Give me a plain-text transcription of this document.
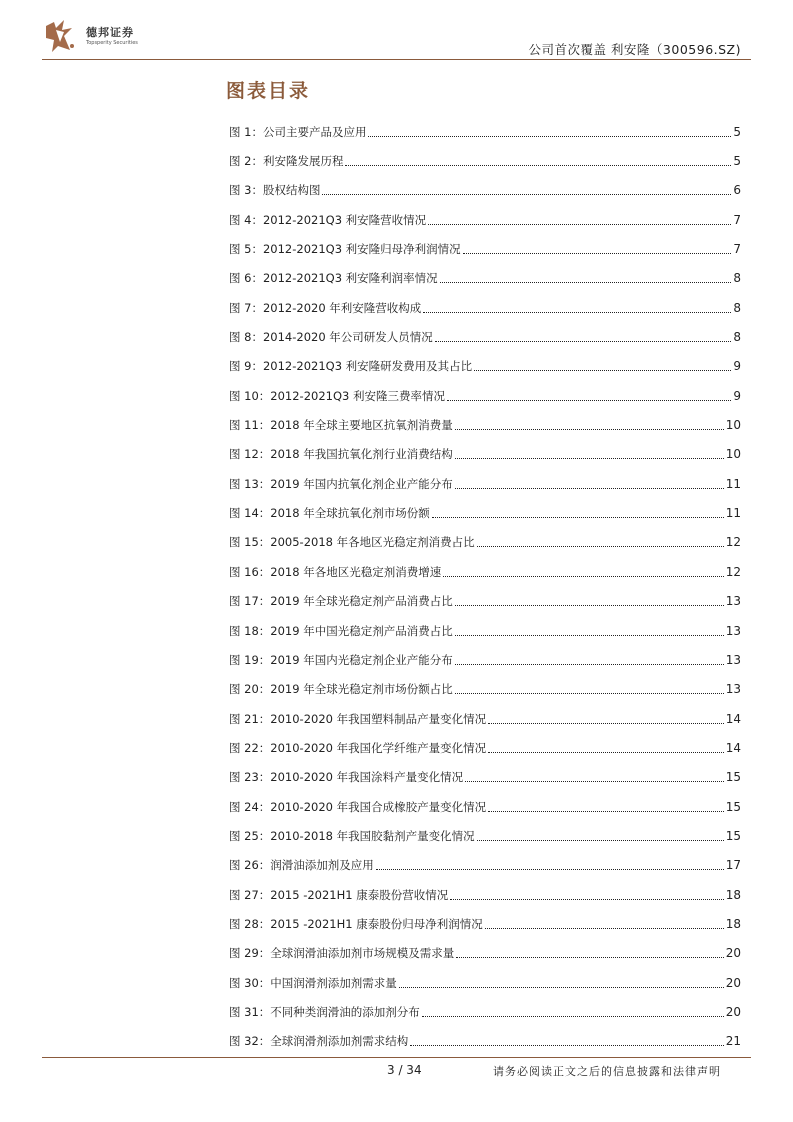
德邦证券
Topsperity Securities	公司首次覆盖 利安隆（300596.SZ)
图表目录
图 1：公司主要产品及应用	5
图 2：利安隆发展历程	5
图 3：股权结构图	6
图 4：2012-2021Q3 利安隆营收情况	7
图 5：2012-2021Q3 利安隆归母净利润情况	7
图 6：2012-2021Q3 利安隆利润率情况	8
图 7：2012-2020 年利安隆营收构成	8
图 8：2014-2020 年公司研发人员情况	8
图 9：2012-2021Q3 利安隆研发费用及其占比	9
图 10：2012-2021Q3 利安隆三费率情况	9
图 11：2018 年全球主要地区抗氧剂消费量	10
图 12：2018 年我国抗氧化剂行业消费结构	10
图 13：2019 年国内抗氧化剂企业产能分布	11
图 14：2018 年全球抗氧化剂市场份额	11
图 15：2005-2018 年各地区光稳定剂消费占比	12
图 16：2018 年各地区光稳定剂消费增速	12
图 17：2019 年全球光稳定剂产品消费占比	13
图 18：2019 年中国光稳定剂产品消费占比	13
图 19：2019 年国内光稳定剂企业产能分布	13
图 20：2019 年全球光稳定剂市场份额占比	13
图 21：2010-2020 年我国塑料制品产量变化情况	14
图 22：2010-2020 年我国化学纤维产量变化情况	14
图 23：2010-2020 年我国涂料产量变化情况	15
图 24：2010-2020 年我国合成橡胶产量变化情况	15
图 25：2010-2018 年我国胶黏剂产量变化情况	15
图 26：润滑油添加剂及应用	17
图 27：2015 -2021H1 康泰股份营收情况	18
图 28：2015 -2021H1 康泰股份归母净利润情况	18
图 29：全球润滑油添加剂市场规模及需求量	20
图 30：中国润滑剂添加剂需求量	20
图 31：不同种类润滑油的添加剂分布	20
图 32：全球润滑剂添加剂需求结构	21
3 / 34	请务必阅读正文之后的信息披露和法律声明
